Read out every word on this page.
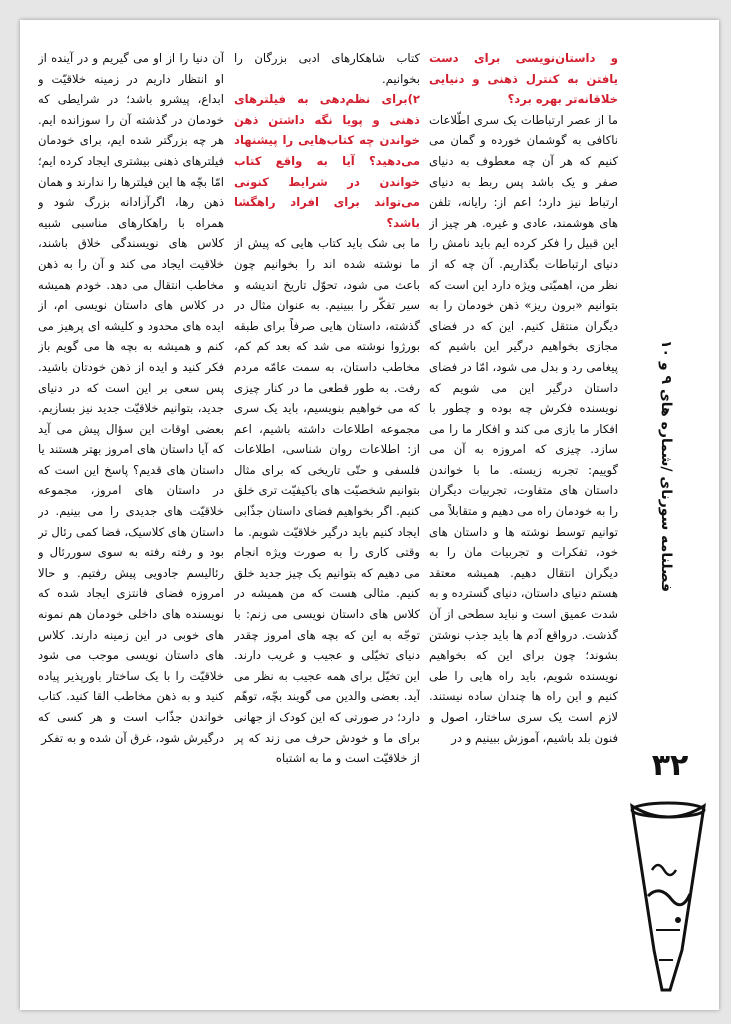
آن دنیا را از او می گیریم و در آینده از او انتظار داریم در زمینه خلاقیّت و ابداع، پیشرو باشد؛ در شرایطی که خودمان در گذشته آن را سوزانده ایم. هر چه بزرگتر شده ایم، برای خودمان فیلترهای ذهنی بیشتری ایجاد کرده ایم؛ امّا بچّه ها این فیلترها را ندارند و همان ذهن رها، اگرآزادانه بزرگ شود و همراه با راهکارهای مناسبی شبیه کلاس های نویسندگی خلاق باشند، خلاقیت ایجاد می کند و آن را به ذهن مخاطب انتقال می دهد. خودم همیشه در کلاس های داستان نویسی ام، از ایده های محدود و کلیشه ای پرهیز می کنم و همیشه به بچه ها می گویم باز فکر کنید و ایده از ذهن خودتان باشید. پس سعی بر این است که در دنیای جدید، بتوانیم خلاقیّت جدید نیز بسازیم. بعضی اوقات این سؤال پیش می آید که آیا داستان های امروز بهتر هستند یا داستان های قدیم؟ پاسخ این است که در داستان های امروز، مجموعه خلاقیّت های جدیدی را می بینیم. در داستان های کلاسیک، فضا کمی رئال تر بود و رفته رفته به سوی سوررئال و رئالیسم جادویی پیش رفتیم. و حالا امروزه فضای فانتزی ایجاد شده که نویسنده های داخلی خودمان هم نمونه های خوبی در این زمینه دارند. کلاس های داستان نویسی موجب می شود خلاقیّت را با یک ساختار باورپذیر پیاده کنید و به ذهن مخاطب القا کنید. کتاب خواندن جذّاب است و هر کسی که درگیرش شود، غرق آن شده و به تفکر

کتاب شاهکارهای ادبی بزرگان را بخوانیم.

۲)برای نظم‌دهی به فیلترهای ذهنی و پویا نگه داشتن ذهن خواندن چه کتاب‌هایی را پیشنهاد می‌دهید؟ آیا به واقع کتاب خواندن در شرایط کنونی می‌تواند برای افراد راهگشا باشد؟

ما بی شک باید کتاب هایی که پیش از ما نوشته شده اند را بخوانیم چون باعث می شود، تحوّل تاریخ اندیشه و سیر تفکّر را ببینیم. به عنوان مثال در گذشته، داستان هایی صرفاً برای طبقه بورژوا نوشته می شد که بعد کم کم، مخاطب داستان، به سمت عامّه مردم رفت. به طور قطعی ما در کنار چیزی که می خواهیم بنویسیم، باید یک سری مجموعه اطلاعات داشته باشیم، اعم از: اطلاعات روان شناسی، اطلاعات فلسفی و حتّی تاریخی که برای مثال بتوانیم شخصیّت های باکیفیّت تری خلق کنیم. اگر بخواهیم فضای داستان جذّابی ایجاد کنیم باید درگیر خلاقیّت شویم. ما وقتی کاری را به صورت ویژه انجام می دهیم که بتوانیم یک چیز جدید خلق کنیم. مثالی هست که من همیشه در کلاس های داستان نویسی می زنم: با توجّه به این که بچه های امروز چقدر دنیای تخیّلی و عجیب و غریب دارند. این تخیّل برای همه عجیب به نظر می آید. بعضی والدین می گویند بچّه، توهّم دارد؛ در صورتی که این کودک از جهانی برای ما و خودش حرف می زند که پر از خلاقیّت است و ما به اشتباه

و داستان‌نویسی برای دست یافتن به کنترل ذهنی و دنیایی خلاقانه‌تر بهره برد؟

ما از عصر ارتباطات یک سری اطّلاعات ناکافی به گوشمان خورده و گمان می کنیم که هر آن چه معطوف به دنیای صفر و یک باشد پس ربط به دنیای ارتباط نیز دارد؛ اعم از: رایانه، تلفن های هوشمند، عادی و غیره. هر چیز از این قبیل را فکر کرده ایم باید نامش را دنیای ارتباطات بگذاریم. آن چه که از نظر من، اهمیّتی ویژه دارد این است که بتوانیم «برون ریز» ذهن خودمان را به دیگران منتقل کنیم. این که در فضای مجازی بخواهیم درگیر این باشیم که پیغامی رد و بدل می شود، امّا در فضای داستان درگیر این می شویم که نویسنده فکرش چه بوده و چطور با افکار ما بازی می کند و افکار ما را می سازد. چیزی که امروزه به آن می گوییم: تجربه زیسته. ما با خواندن داستان های متفاوت، تجربیات دیگران را به خودمان راه می دهیم و متقابلاً می توانیم توسط نوشته ها و داستان های خود، تفکرات و تجربیات مان را به دیگران انتقال دهیم. همیشه معتقد هستم دنیای داستان، دنیای گسترده و به شدت عمیق است و نباید سطحی از آن گذشت. درواقع آدم ها باید جذب نوشتن بشوند؛ چون برای این که بخواهیم نویسنده شویم، باید راه هایی را طی کنیم و این راه ها چندان ساده نیستند. لازم است یک سری ساختار، اصول و فنون بلد باشیم، آموزش ببینیم و در

فصلنامه سورنای /شماره های ۹ و ۱۰
۳۲
